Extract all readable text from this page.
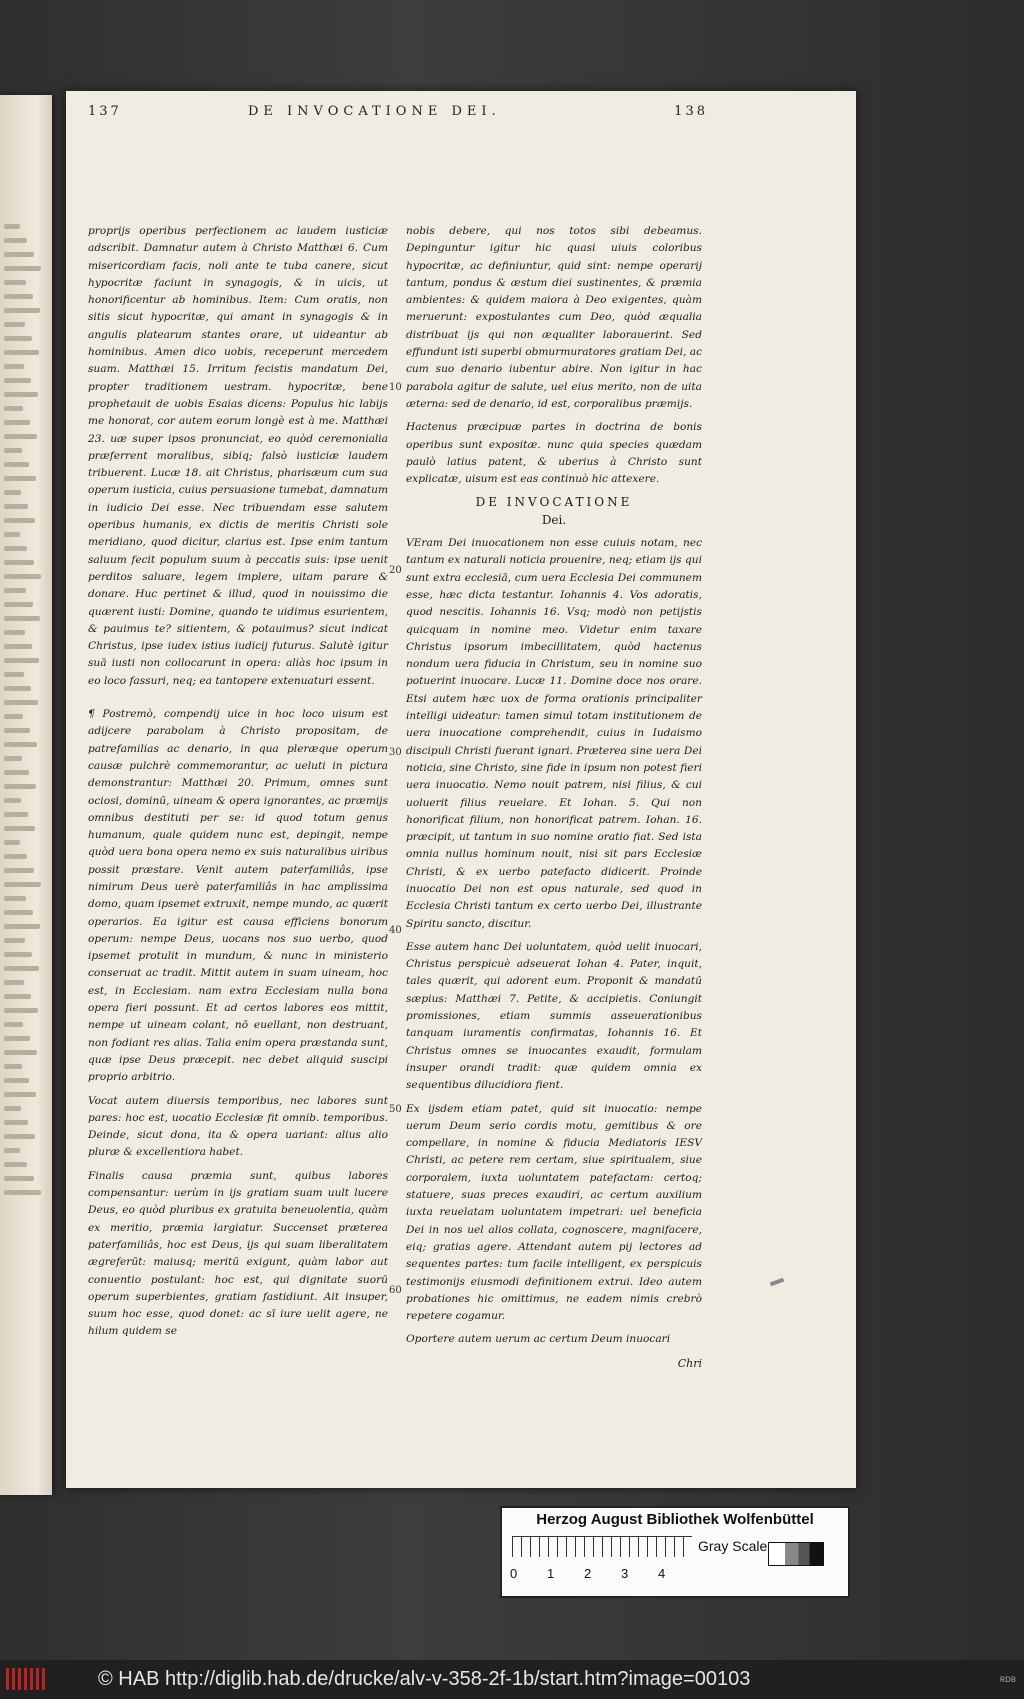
137	DE INVOCATIONE DEI.	138

proprijs operibus perfectionem ac laudem iusticiæ adscribit. Damnatur autem à Christo Matthæi 6. Cum misericordiam facis, noli ante te tuba canere, sicut hypocritæ faciunt in synagogis, & in uicis, ut honorificentur ab hominibus. Item: Cum oratis, non sitis sicut hypocritæ, qui amant in synagogis & in angulis platearum stantes orare, ut uideantur ab hominibus. Amen dico uobis, receperunt mercedem suam. Matthæi 15. Irritum fecistis mandatum Dei, propter traditionem uestram. hypocritæ, bene prophetauit de uobis Esaias dicens: Populus hic labijs me honorat, cor autem eorum longè est à me. Matthæi 23. uæ super ipsos pronunciat, eo quòd ceremonialia præferrent moralibus, sibiq; falsò iusticiæ laudem tribuerent. Lucæ 18. ait Christus, pharisæum cum sua operum iusticia, cuius persuasione tumebat, damnatum in iudicio Dei esse. Nec tribuendam esse salutem operibus humanis, ex dictis de meritis Christi sole meridiano, quod dicitur, clarius est. Ipse enim tantum saluum fecit populum suum à peccatis suis: ipse uenit perditos saluare, legem implere, uitam parare & donare. Huc pertinet & illud, quod in nouissimo die quærent iusti: Domine, quando te uidimus esurientem, & pauimus te? sitientem, & potauimus? sicut indicat Christus, ipse iudex istius iudicij futurus. Salutè igitur suā iusti non collocarunt in opera: aliàs hoc ipsum in eo loco fassuri, neq; ea tantopere extenuaturi essent.

¶ Postremò, compendij uice in hoc loco uisum est adijcere parabolam à Christo propositam, de patrefamilias ac denario, in qua pleræque operum causæ pulchrè commemorantur, ac ueluti in pictura demonstrantur: Matthæi 20. Primum, omnes sunt ociosi, dominū, uineam & opera ignorantes, ac præmijs omnibus destituti per se: id quod totum genus humanum, quale quidem nunc est, depingit, nempe quòd uera bona opera nemo ex suis naturalibus uiribus possit præstare. Venit autem paterfamiliâs, ipse nimirum Deus uerè paterfamiliâs in hac amplissima domo, quam ipsemet extruxit, nempe mundo, ac quærit operarios. Ea igitur est causa efficiens bonorum operum: nempe Deus, uocans nos suo uerbo, quod ipsemet protulit in mundum, & nunc in ministerio conseruat ac tradit. Mittit autem in suam uineam, hoc est, in Ecclesiam. nam extra Ecclesiam nulla bona opera fieri possunt. Et ad certos labores eos mittit, nempe ut uineam colant, nō euellant, non destruant, non fodiant res alias. Talia enim opera præstanda sunt, quæ ipse Deus præcepit. nec debet aliquid suscipi proprio arbitrio.

Vocat autem diuersis temporibus, nec labores sunt pares: hoc est, uocatio Ecclesiæ fit omnib. temporibus. Deinde, sicut dona, ita & opera uariant: alius alio pluræ & excellentiora habet.

Finalis causa præmia sunt, quibus labores compensantur: uerùm in ijs gratiam suam uult lucere Deus, eo quòd pluribus ex gratuita beneuolentia, quàm ex meritio, præmia largiatur. Succenset præterea paterfamiliâs, hoc est Deus, ijs qui suam liberalitatem ægreferūt: maiusq; meritū exigunt, quàm labor aut conuentio postulant: hoc est, qui dignitate suorū operum superbientes, gratiam fastidiunt. Ait insuper, suum hoc esse, quod donet: ac sī iure uelit agere, ne hilum quidem se

10
20
30
40
50
60

nobis debere, qui nos totos sibi debeamus. Depinguntur igitur hic quasi uiuis coloribus hypocritæ, ac definiuntur, quid sint: nempe operarij tantum, pondus & æstum diei sustinentes, & præmia ambientes: & quidem maiora à Deo exigentes, quàm meruerunt: expostulantes cum Deo, quòd æqualia distribuat ijs qui non æqualiter laborauerint. Sed effundunt isti superbi obmurmuratores gratiam Dei, ac cum suo denario iubentur abire. Non igitur in hac parabola agitur de salute, uel eius merito, non de uita æterna: sed de denario, id est, corporalibus præmijs.

Hactenus præcipuæ partes in doctrina de bonis operibus sunt expositæ. nunc quia species quædam paulò latius patent, & uberius à Christo sunt explicatæ, uisum est eas continuò hic attexere.

DE INVOCATIONE
Dei.

VEram Dei inuocationem non esse cuiuis notam, nec tantum ex naturali noticia prouenire, neq; etiam ijs qui sunt extra ecclesiā, cum uera Ecclesia Dei communem esse, hæc dicta testantur. Iohannis 4. Vos adoratis, quod nescitis. Iohannis 16. Vsq; modò non petijstis quicquam in nomine meo. Videtur enim taxare Christus ipsorum imbecillitatem, quòd hactenus nondum uera fiducia in Christum, seu in nomine suo potuerint inuocare. Lucæ 11. Domine doce nos orare. Etsi autem hæc uox de forma orationis principaliter intelligi uideatur: tamen simul totam institutionem de uera inuocatione comprehendit, cuius in Iudaismo discipuli Christi fuerant ignari. Præterea sine uera Dei noticia, sine Christo, sine fide in ipsum non potest fieri uera inuocatio. Nemo nouit patrem, nisi filius, & cui uoluerit filius reuelare. Et Iohan. 5. Qui non honorificat filium, non honorificat patrem. Iohan. 16. præcipit, ut tantum in suo nomine oratio fiat. Sed ista omnia nullus hominum nouit, nisi sit pars Ecclesiæ Christi, & ex uerbo patefacto didicerit. Proinde inuocatio Dei non est opus naturale, sed quod in Ecclesia Christi tantum ex certo uerbo Dei, illustrante Spiritu sancto, discitur.

Esse autem hanc Dei uoluntatem, quòd uelit inuocari, Christus perspicuè adseuerat Iohan 4. Pater, inquit, tales quærit, qui adorent eum. Proponit & mandatū sæpius: Matthæi 7. Petite, & accipietis. Coniungit promissiones, etiam summis asseuerationibus tanquam iuramentis confirmatas, Iohannis 16. Et Christus omnes se inuocantes exaudit, formulam insuper orandi tradit: quæ quidem omnia ex sequentibus dilucidiora fient.

Ex ijsdem etiam patet, quid sit inuocatio: nempe uerum Deum serio cordis motu, gemitibus & ore compellare, in nomine & fiducia Mediatoris IESV Christi, ac petere rem certam, siue spiritualem, siue corporalem, iuxta uoluntatem patefactam: certoq; statuere, suas preces exaudiri, ac certum auxilium iuxta reuelatam uoluntatem impetrari: uel beneficia Dei in nos uel alios collata, cognoscere, magnifacere, eiq; gratias agere. Attendant autem pij lectores ad sequentes partes: tum facile intelligent, ex perspicuis testimonijs eiusmodi definitionem extrui. Ideo autem probationes hic omittimus, ne eadem nimis crebrò repetere cogamur.

Oportere autem uerum ac certum Deum inuocari

Chri
Herzog August Bibliothek Wolfenbüttel
0 1 2 3 4
Gray Scale
© HAB http://diglib.hab.de/drucke/alv-v-358-2f-1b/start.htm?image=00103	ʀᴅʙ
